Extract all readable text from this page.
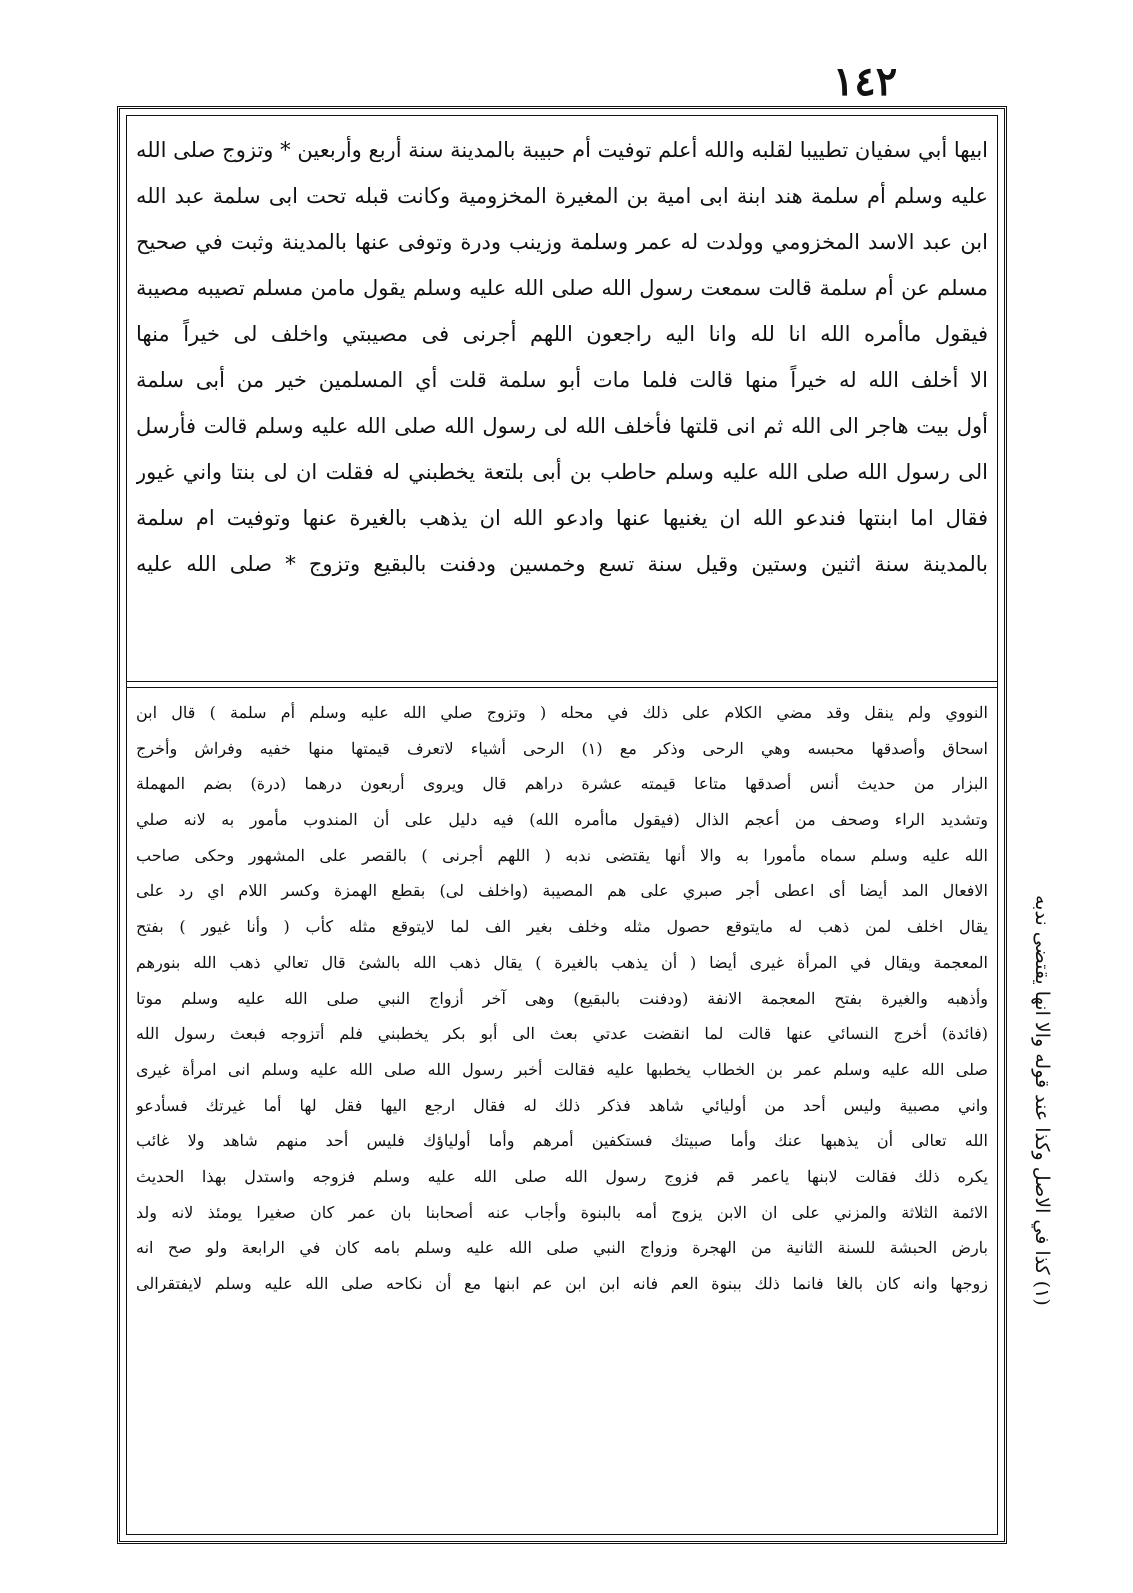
١٤٢
ابيها أبي سفيان تطييبا لقلبه والله أعلم توفيت أم حبيبة بالمدينة سنة أربع وأربعين * وتزوج صلى الله
عليه وسلم أم سلمة هند ابنة ابى امية بن المغيرة المخزومية وكانت قبله تحت ابى سلمة عبد الله
ابن عبد الاسد المخزومي وولدت له عمر وسلمة وزينب ودرة وتوفى عنها بالمدينة وثبت في صحيح
مسلم عن أم سلمة قالت سمعت رسول الله صلى الله عليه وسلم يقول مامن مسلم تصيبه مصيبة
فيقول ماأمره الله انا لله وانا اليه راجعون اللهم أجرنى فى مصيبتي واخلف لى خيراً منها
الا أخلف الله له خيراً منها قالت فلما مات أبو سلمة قلت أي المسلمين خير من أبى سلمة
أول بيت هاجر الى الله ثم انى قلتها فأخلف الله لى رسول الله صلى الله عليه وسلم قالت فأرسل
الى رسول الله صلى الله عليه وسلم حاطب بن أبى بلتعة يخطبني له فقلت ان لى بنتا واني غيور
فقال اما ابنتها فندعو الله ان يغنيها عنها وادعو الله ان يذهب بالغيرة عنها وتوفيت ام سلمة
بالمدينة سنة اثنين وستين وقيل سنة تسع وخمسين ودفنت بالبقيع وتزوج * صلى الله عليه
النووي ولم ينقل وقد مضي الكلام على ذلك في محله ( وتزوج صلي الله عليه وسلم أم سلمة ) قال ابن
اسحاق وأصدقها محبسه وهي الرحى وذكر مع (١) الرحى أشياء لاتعرف قيمتها منها خفيه وفراش وأخرج
البزار من حديث أنس أصدقها متاعا قيمته عشرة دراهم قال ويروى أربعون درهما (درة) بضم المهملة
وتشديد الراء وصحف من أعجم الذال (فيقول ماأمره الله) فيه دليل على أن المندوب مأمور به لانه صلي
الله عليه وسلم سماه مأمورا به والا أنها يقتضى ندبه ( اللهم أجرنى ) بالقصر على المشهور وحكى صاحب
الافعال المد أيضا أى اعطى أجر صبري على هم المصيبة (واخلف لى) بقطع الهمزة وكسر اللام اي رد على
يقال اخلف لمن ذهب له مايتوقع حصول مثله وخلف بغير الف لما لايتوقع مثله كأب ( وأنا غيور ) بفتح
المعجمة ويقال في المرأة غيرى أيضا ( أن يذهب بالغيرة ) يقال ذهب الله بالشئ قال تعالي ذهب الله بنورهم
وأذهبه والغيرة بفتح المعجمة الانفة (ودفنت بالبقيع) وهى آخر أزواج النبي صلى الله عليه وسلم موتا
(فائدة) أخرج النسائي عنها قالت لما انقضت عدتي بعث الى أبو بكر يخطبني فلم أتزوجه فبعث رسول الله
صلى الله عليه وسلم عمر بن الخطاب يخطبها عليه فقالت أخبر رسول الله صلى الله عليه وسلم انى امرأة غيرى
واني مصبية وليس أحد من أوليائي شاهد فذكر ذلك له فقال ارجع اليها فقل لها أما غيرتك فسأدعو
الله تعالى أن يذهبها عنك وأما صبيتك فستكفين أمرهم وأما أولياؤك فليس أحد منهم شاهد ولا غائب
يكره ذلك فقالت لابنها ياعمر قم فزوج رسول الله صلى الله عليه وسلم فزوجه واستدل بهذا الحديث
الائمة الثلاثة والمزني على ان الابن يزوج أمه بالبنوة وأجاب عنه أصحابنا بان عمر كان صغيرا يومئذ لانه ولد
بارض الحبشة للسنة الثانية من الهجرة وزواج النبي صلى الله عليه وسلم بامه كان في الرابعة ولو صح انه
زوجها وانه كان بالغا فانما ذلك ببنوة العم فانه ابن ابن عم ابنها مع أن نكاحه صلى الله عليه وسلم لايفتقرالى	(١) كذا في الاصل وكذا عند قوله والا انها يقتضى ندبه
